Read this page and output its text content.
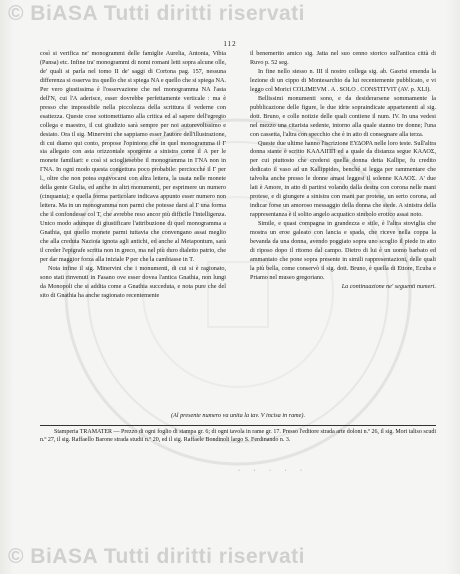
© BiASA Tutti diritti riservati
112

così si verifica ne' monogrammi delle famiglie Aurelia, Antonia, Vibia (Pansa) etc. Infine tra' monogrammi di nomi romani letti sopra alcune olle, de' quali si parla nel tomo II de' saggi di Cortona pag. 157, nessuna differenza si osserva tra quello che si spiega NA e quello che si spiega NA. Per vero giustissima è l'osservazione che nel monogramma NA l'asta dell'N, cui l'A aderisce, esser dovrebbe perfettamente verticale : ma è presso che impossibile nella piccolezza della scrittura il vederne con esattezza. Queste cose sottomettiamo alla critica ed al sapere dell'egregio collega e maestro, il cui giudizio sarà sempre per noi autorevolissimo e desiato. Ora il sig. Minervini che sappiamo esser l'autore dell'illustrazione, di cui diamo qui conto, propose l'opinione che in quel monogramma il Γ sia allegato con asta orizzontale sporgente a sinistra come il A per le monete familiari: e così si sciogliesebbe il monogramma in ΓNA non in ΓNA. In ogni modo questa congettura poco probabile: perciocché il Γ per l., oltre che non potea equivocarsi con altra lettera, la usata nelle monete della gente Giulia, ed anche in altri monumenti, per esprimere un numero (cinquanta); e quella forma particolare indicava appunto esser numero non lettera. Ma in un monogramma non parmi che potesse darsi al Γ una forma che il confondesse col Τ, che avrebbe reso ancor più difficile l'intelligenza. Unico modo adunque di giustificare l'attribuzione di quel monogramma a Gnathia, qui quello monete parmi tuttavia che convengano assai meglio che alla creduta Nazioia ignota agli antichi, ed anche al Metapontum, sarà il creder l'epigrafe scritta non in greco, ma nel più duro dialetto patrio, che per dar maggior forza alla iniziale P per che la cambiasse in Τ.

Nota infine il sig. Minervini che i monumenti, di cui si è ragionato, sono stati rinvenuti in Fasano ove esser dovea l'antica Gnathia, non lungi da Monopoli che si addita come a Gnathia succeduta, e nota pure che del sito di Gnathia ha anche ragionato recentemente

il benemerito amico sig. Jatta nel suo cenno storico sull'antica città di Ruvo p. 52 seg.

In fine nello stesso n. III il nostro collega sig. ab. Gasrisi emenda la lezione di un cippo di Montesarchio da lui recentemente pubblicato, e vi leggo col Morici COLIMEVM . A . SOLO . CONSTITVIT (AV. p. XLI).

Bellissimi monumenti sono, e da desiderarsene sommamente la pubblicazione delle figure, le due idrie sopraindicate appartenenti al sig. dott. Bruno, e colle notizie delle quali contiene il num. IV. In una vedesi nel mezzo una citarista sedente, intorno alla quale stanno tre donne; l'una con cassetta, l'altra con specchio che è in atto di consegnare alla terza.

Queste due ultime hanno l'iscrizione ΕΥΔΟΡΑ nelle loro teste. Sull'altra donna stante è scritto ΚΑΛΛΙΠΠ ed a quale da distanza segue ΚΑΛΟΣ, per cui piuttosto che credersi quella donna detta Kallipe, fu credito dedicato il vaso ad un Kallippides, benché si legga per rammentare che talvolta anche presso le donne amasi leggesi il solenne ΚΑΛΟΣ. A' due lati è Amore, in atto di partirsi volando dalla destra con corona nelle mani protese, e di giungere a sinistra con mani par protese, un serto corona, ad indicar forse un amoroso messaggio della donna che siede. A sinistra della rappresentanza è il solito angelo acquatico simbolo erotico assai noto.

Simile, e quasi compagna in grandezza e stile, è l'altra stoviglia che mostra un eroe galeato con lancia e spada, che riceve nella coppa la bevanda da una donna, avendo poggiato sopra uno scoglio il piede in atto di riposo dopo il ritorno dal campo. Dietro di lui è un uomo barbato ed ammantato che pone sopra presente in simili rappresentazioni, delle quali la più bella, come conservò il sig. dott. Bruno, è quella di Ettore, Ecuba e Priamo nel museo gregoriano.

La continuazione ne' seguenti numeri.

(Al presente numero va unita la tav. V incisa in rame).

Stamperia TRAMATER — Prezzo di ogni foglio di stampa gr. 6; di ogni tavola in rame gr. 17. Presso l'editore strada arte doloni n.º 26, il sig. Mori taliso scudi n.º 27, il sig. Raffaello Barone strada studii n.º 20, ed il sig. Raffaele Bondinoli largo S. Ferdinando n. 3.

· · · · ·
© BiASA Tutti diritti riservati
